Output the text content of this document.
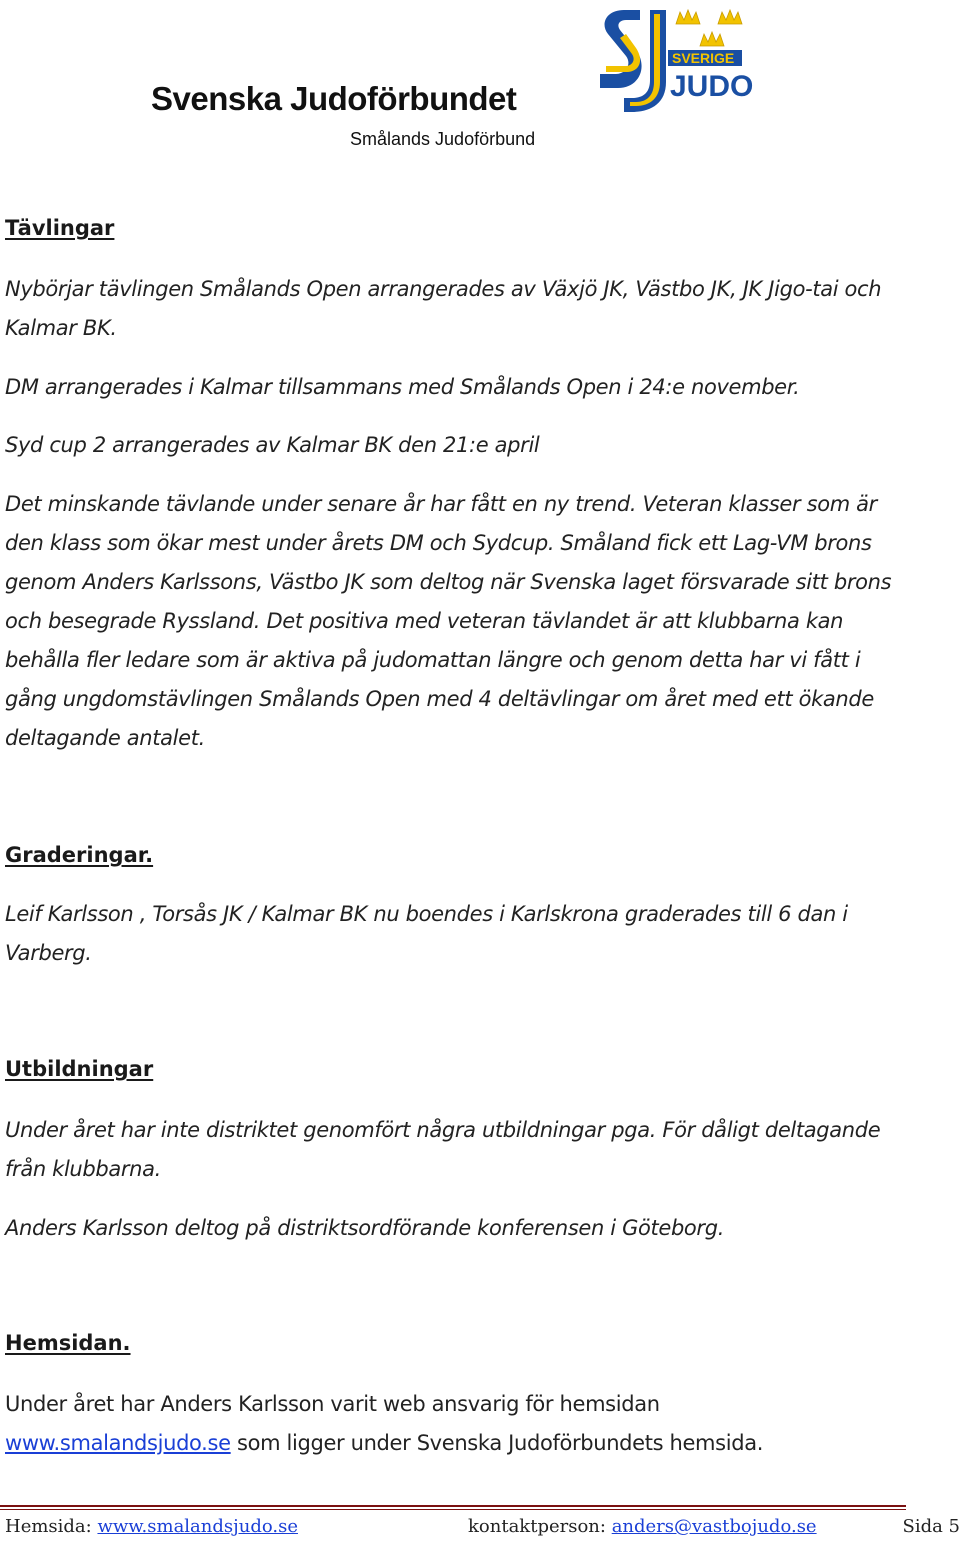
Svenska Judoförbundet

Smålands Judoförbund

SVERIGE
JUDO
Tävlingar

Nybörjar tävlingen Smålands Open arrangerades av Växjö JK, Västbo JK, JK Jigo-tai och Kalmar BK.

DM arrangerades i Kalmar tillsammans med Smålands Open i 24:e november.

Syd cup 2 arrangerades av Kalmar BK den 21:e april

Det minskande tävlande under senare år har fått en ny trend. Veteran klasser som är den klass som ökar mest under årets DM och Sydcup. Småland fick ett Lag-VM brons genom Anders Karlssons, Västbo JK som deltog när Svenska laget försvarade sitt brons och besegrade Ryssland. Det positiva med veteran tävlandet är att klubbarna kan behålla fler ledare som är aktiva på judomattan längre och genom detta har vi fått i gång ungdomstävlingen Smålands Open med 4 deltävlingar om året med ett ökande deltagande antalet.

Graderingar.

Leif Karlsson , Torsås JK / Kalmar BK nu boendes i Karlskrona graderades till 6 dan i Varberg.

Utbildningar

Under året har inte distriktet genomfört några utbildningar pga. För dåligt deltagande från klubbarna.

Anders Karlsson deltog på distriktsordförande konferensen i Göteborg.

Hemsidan.

Under året har Anders Karlsson varit web ansvarig för hemsidan
www.smalandsjudo.se som ligger under Svenska Judoförbundets hemsida.

Hemsida: www.smalandsjudo.se	kontaktperson: anders@vastbojudo.se	Sida 5
